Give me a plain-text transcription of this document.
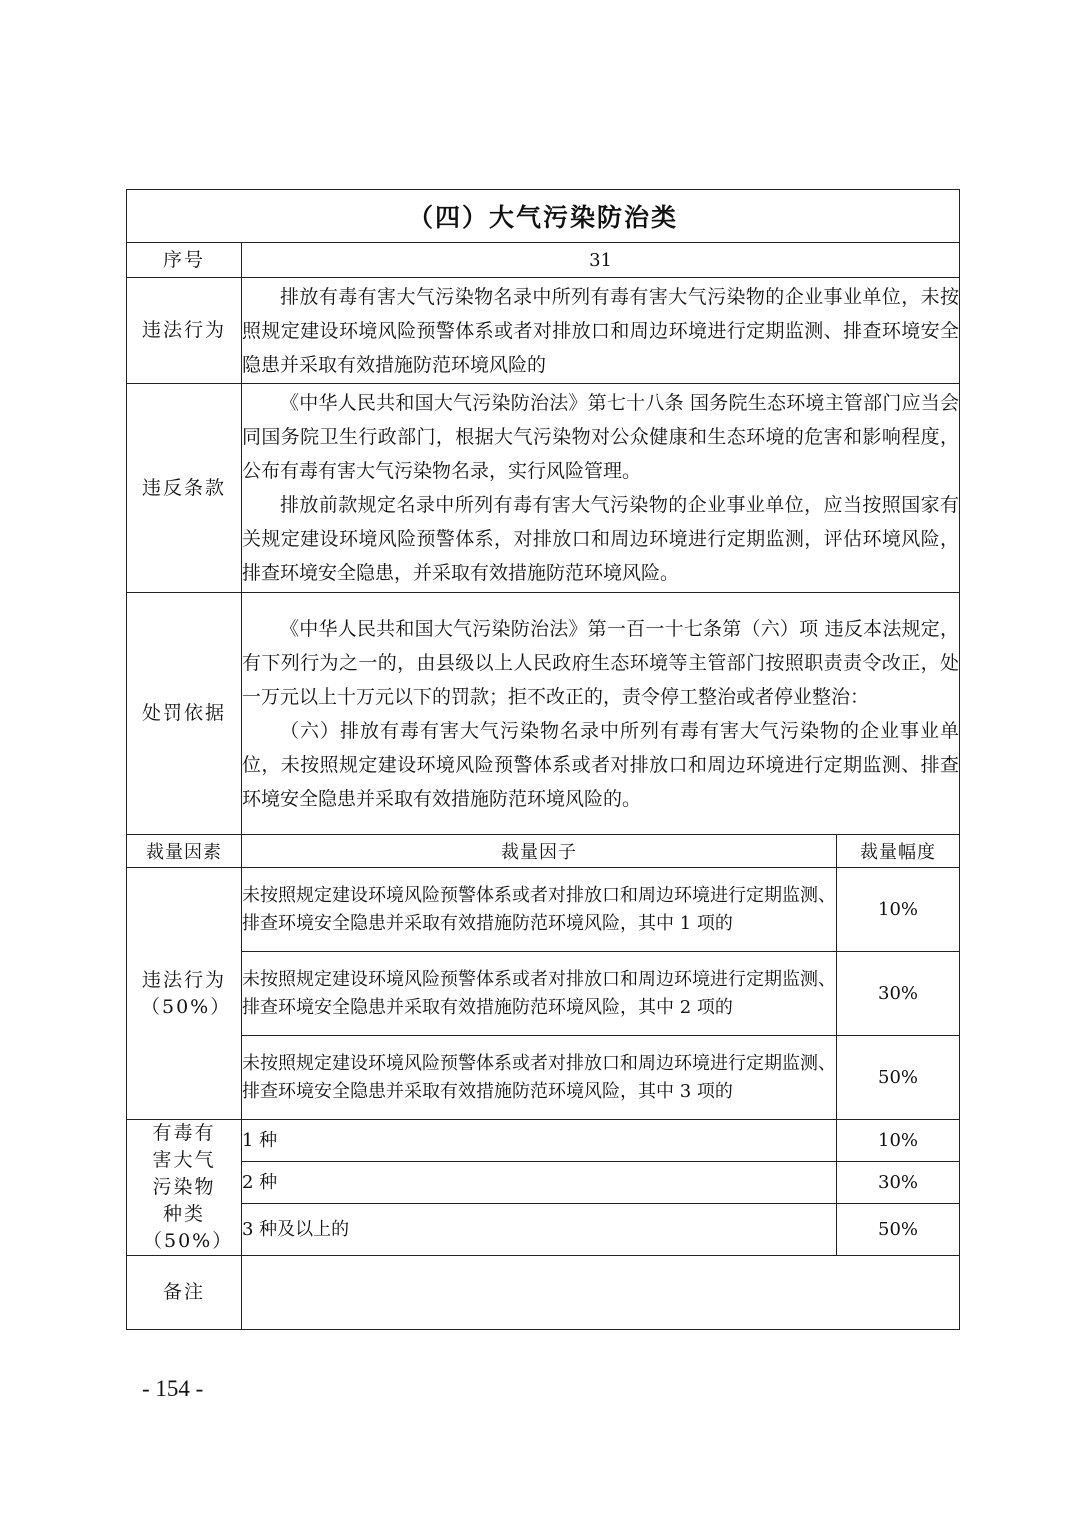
（四）大气污染防治类		
序号	31	
违法行为	排放有毒有害大气污染物名录中所列有毒有害大气污染物的企业事业单位，未按照规定建设环境风险预警体系或者对排放口和周边环境进行定期监测、排查环境安全隐患并采取有效措施防范环境风险的	

违反条款	《中华人民共和国大气污染防治法》第七十八条 国务院生态环境主管部门应当会同国务院卫生行政部门，根据大气污染物对公众健康和生态环境的危害和影响程度，公布有毒有害大气污染物名录，实行风险管理。

排放前款规定名录中所列有毒有害大气污染物的企业事业单位，应当按照国家有关规定建设环境风险预警体系，对排放口和周边环境进行定期监测，评估环境风险，排查环境安全隐患，并采取有效措施防范环境风险。	

处罚依据	《中华人民共和国大气污染防治法》第一百一十七条第（六）项 违反本法规定，有下列行为之一的，由县级以上人民政府生态环境等主管部门按照职责责令改正，处一万元以上十万元以下的罚款；拒不改正的，责令停工整治或者停业整治：

（六）排放有毒有害大气污染物名录中所列有毒有害大气污染物的企业事业单位，未按照规定建设环境风险预警体系或者对排放口和周边环境进行定期监测、排查环境安全隐患并采取有效措施防范环境风险的。	

裁量因素	裁量因子	裁量幅度
违法行为（50%）	未按照规定建设环境风险预警体系或者对排放口和周边环境进行定期监测、排查环境安全隐患并采取有效措施防范环境风险，其中 1 项的	10%
	未按照规定建设环境风险预警体系或者对排放口和周边环境进行定期监测、排查环境安全隐患并采取有效措施防范环境风险，其中 2 项的	30%
	未按照规定建设环境风险预警体系或者对排放口和周边环境进行定期监测、排查环境安全隐患并采取有效措施防范环境风险，其中 3 项的	50%
有毒有害大气污染物种类（50%）	1 种	10%
	2 种	30%
	3 种及以上的	50%
备注		
- 154 -
